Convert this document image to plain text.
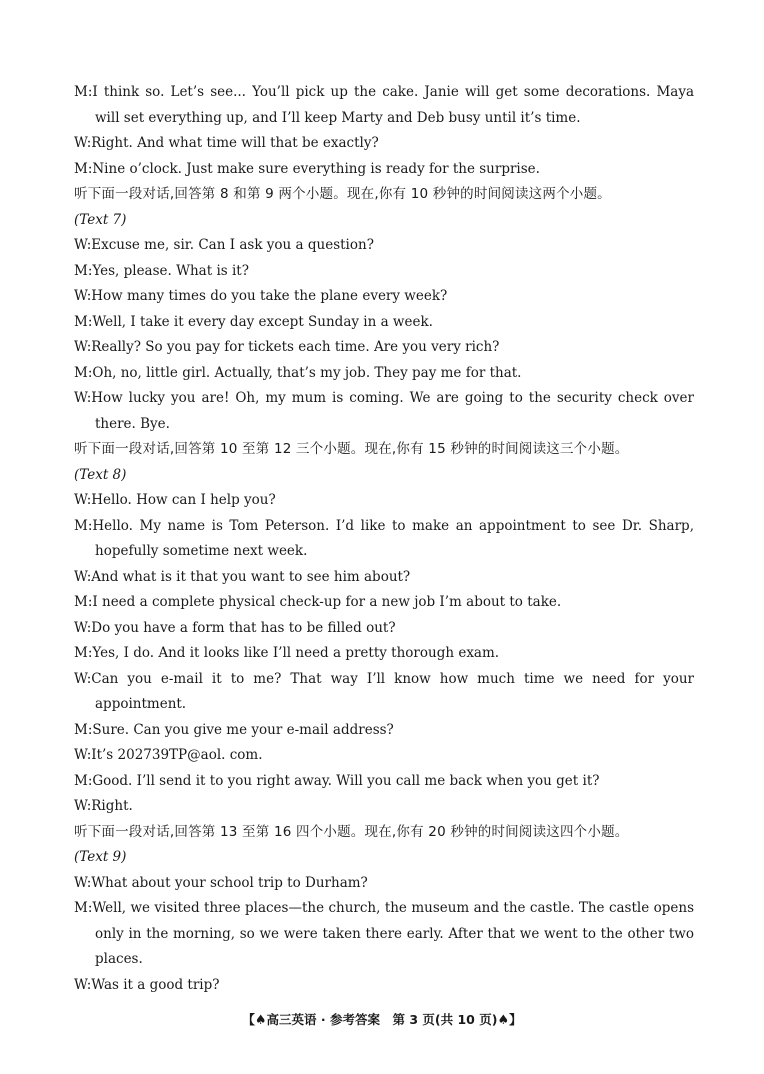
M:I think so. Let’s see... You’ll pick up the cake. Janie will get some decorations. Maya
will set everything up, and I’ll keep Marty and Deb busy until it’s time.
W:Right. And what time will that be exactly?
M:Nine o’clock. Just make sure everything is ready for the surprise.
听下面一段对话,回答第 8 和第 9 两个小题。现在,你有 10 秒钟的时间阅读这两个小题。
(Text 7)
W:Excuse me, sir. Can I ask you a question?
M:Yes, please. What is it?
W:How many times do you take the plane every week?
M:Well, I take it every day except Sunday in a week.
W:Really? So you pay for tickets each time. Are you very rich?
M:Oh, no, little girl. Actually, that’s my job. They pay me for that.
W:How lucky you are! Oh, my mum is coming. We are going to the security check over
there. Bye.
听下面一段对话,回答第 10 至第 12 三个小题。现在,你有 15 秒钟的时间阅读这三个小题。
(Text 8)
W:Hello. How can I help you?
M:Hello. My name is Tom Peterson. I’d like to make an appointment to see Dr. Sharp,
hopefully sometime next week.
W:And what is it that you want to see him about?
M:I need a complete physical check-up for a new job I’m about to take.
W:Do you have a form that has to be filled out?
M:Yes, I do. And it looks like I’ll need a pretty thorough exam.
W:Can you e-mail it to me? That way I’ll know how much time we need for your
appointment.
M:Sure. Can you give me your e-mail address?
W:It’s 202739TP@aol. com.
M:Good. I’ll send it to you right away. Will you call me back when you get it?
W:Right.
听下面一段对话,回答第 13 至第 16 四个小题。现在,你有 20 秒钟的时间阅读这四个小题。
(Text 9)
W:What about your school trip to Durham?
M:Well, we visited three places—the church, the museum and the castle. The castle opens
only in the morning, so we were taken there early. After that we went to the other two
places.
W:Was it a good trip?
【♠高三英语 · 参考答案　第 3 页(共 10 页)♠】
